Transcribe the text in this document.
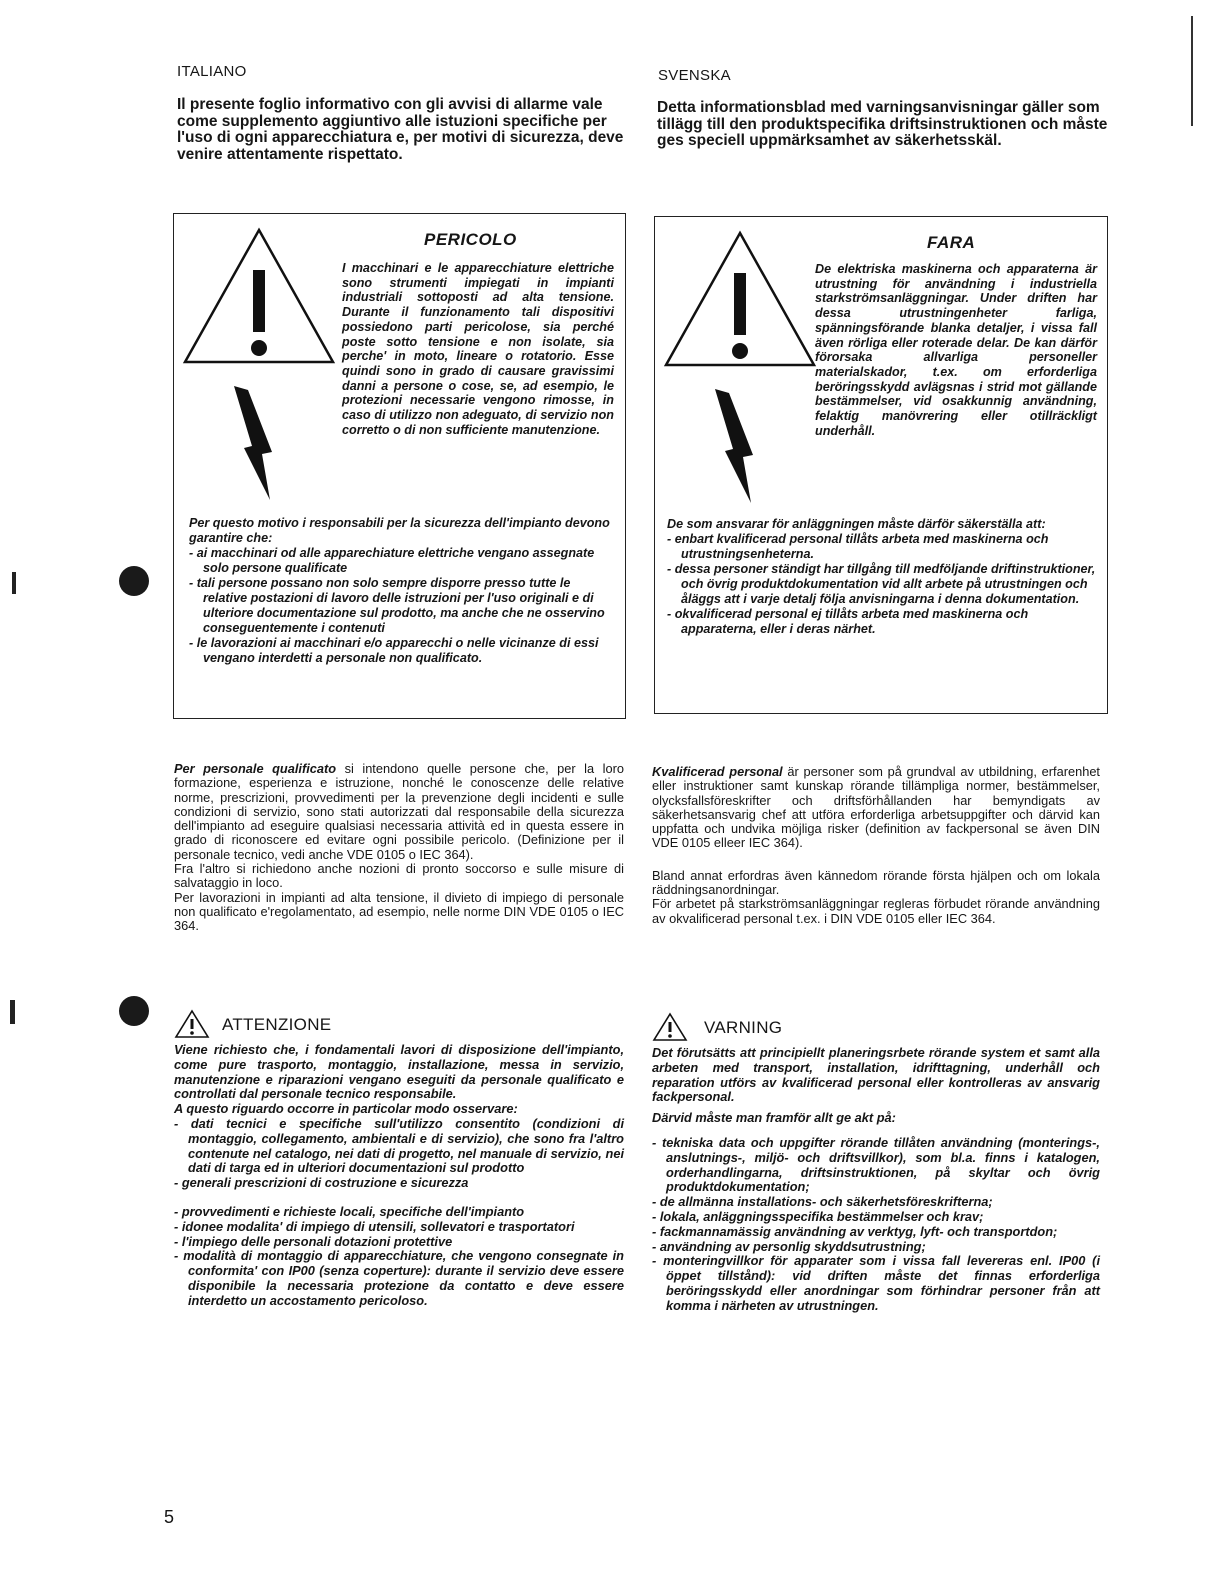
ITALIANO
Il presente foglio informativo con gli avvisi di allarme vale come supplemento aggiuntivo alle istuzioni specifiche per l'uso di ogni apparecchiatura e, per motivi di sicurezza, deve venire attentamente rispettato.
PERICOLO
I macchinari e le apparecchiature elettriche sono strumenti impiegati in impianti industriali sottoposti ad alta tensione. Durante il funzionamento tali dispositivi possiedono parti pericolose, sia perché poste sotto tensione e non isolate, sia perche' in moto, lineare o rotatorio. Esse quindi sono in grado di causare gravissimi danni a persone o cose, se, ad esempio, le protezioni necessarie vengono rimosse, in caso di utilizzo non adeguato, di servizio non corretto o di non sufficiente manutenzione.

Per questo motivo i responsabili per la sicurezza dell'impianto devono garantire che:

- ai macchinari od alle apparechiature elettriche vengano assegnate solo persone qualificate
- tali persone possano non solo sempre disporre presso tutte le relative postazioni di lavoro delle istruzioni per l'uso originali e di ulteriore documentazione sul prodotto, ma anche che ne osservino conseguentemente i contenuti
- le lavorazioni ai macchinari e/o apparecchi o nelle vicinanze di essi vengano interdetti a personale non qualificato.

Per personale qualificato si intendono quelle persone che, per la loro formazione, esperienza e istruzione, nonché le conoscenze delle relative norme, prescrizioni, provvedimenti per la prevenzione degli incidenti e sulle condizioni di servizio, sono stati autorizzati dal responsabile della sicurezza dell'impianto ad eseguire qualsiasi necessaria attività ed in questa essere in grado di riconoscere ed evitare ogni possibile pericolo. (Definizione per il personale tecnico, vedi anche VDE 0105 o IEC 364).

Fra l'altro si richiedono anche nozioni di pronto soccorso e sulle misure di salvataggio in loco.

Per lavorazioni in impianti ad alta tensione, il divieto di impiego di personale non qualificato e'regolamentato, ad esempio, nelle norme DIN VDE 0105 o IEC 364.

ATTENZIONE

Viene richiesto che, i fondamentali lavori di disposizione dell'impianto, come pure trasporto, montaggio, installazione, messa in servizio, manutenzione e riparazioni vengano eseguiti da personale qualificato e controllati dal personale tecnico responsabile.

A questo riguardo occorre in particolar modo osservare:

- dati tecnici e specifiche sull'utilizzo consentito (condizioni di montaggio, collegamento, ambientali e di servizio), che sono fra l'altro contenute nel catalogo, nei dati di progetto, nel manuale di servizio, nei dati di targa ed in ulteriori documentazioni sul prodotto
- generali prescrizioni di costruzione e sicurezza
- provvedimenti e richieste locali, specifiche dell'impianto
- idonee modalita' di impiego di utensili, sollevatori e trasportatori
- l'impiego delle personali dotazioni protettive
- modalità di montaggio di apparecchiature, che vengono consegnate in conformita' con IP00 (senza coperture): durante il servizio deve essere disponibile la necessaria protezione da contatto e deve essere interdetto un accostamento pericoloso.
SVENSKA
Detta informationsblad med varningsanvisningar gäller som tillägg till den produktspecifika driftsinstruktionen och måste ges speciell uppmärksamhet av säkerhetsskäl.
FARA
De elektriska maskinerna och apparaterna är utrustning för användning i industriella starkströmsanläggningar. Under driften har dessa utrustningenheter farliga, spänningsförande blanka detaljer, i vissa fall även rörliga eller roterade delar. De kan därför förorsaka allvarliga personeller materialskador, t.ex. om erforderliga beröringsskydd avlägsnas i strid mot gällande bestämmelser, vid osakkunnig användning, felaktig manövrering eller otillräckligt underhåll.

De som ansvarar för anläggningen måste därför säkerställa att:

- enbart kvalificerad personal tillåts arbeta med maskinerna och utrustningsenheterna.
- dessa personer ständigt har tillgång till medföljande driftinstruktioner, och övrig produktdokumentation vid allt arbete på utrustningen och åläggs att i varje detalj följa anvisningarna i denna dokumentation.
- okvalificerad personal ej tillåts arbeta med maskinerna och apparaterna, eller i deras närhet.

Kvalificerad personal är personer som på grundval av utbildning, erfarenhet eller instruktioner samt kunskap rörande tillämpliga normer, bestämmelser, olycksfallsföreskrifter och driftsförhållanden har bemyndigats av säkerhetsansvarig chef att utföra erforderliga arbetsuppgifter och därvid kan uppfatta och undvika möjliga risker (definition av fackpersonal se även DIN VDE 0105 elleer IEC 364).

Bland annat erfordras även kännedom rörande första hjälpen och om lokala räddningsanordningar.

För arbetet på starkströmsanläggningar regleras förbudet rörande användning av okvalificerad personal t.ex. i DIN VDE 0105 eller IEC 364.

VARNING

Det förutsätts att principiellt planeringsrbete rörande system et samt alla arbeten med transport, installation, idrifttagning, underhåll och reparation utförs av kvalificerad personal eller kontrolleras av ansvarig fackpersonal.

Därvid måste man framför allt ge akt på:

- tekniska data och uppgifter rörande tillåten användning (monterings-, anslutnings-, miljö- och driftsvillkor), som bl.a. finns i katalogen, orderhandlingarna, driftsinstruktionen, på skyltar och övrig produktdokumentation;
- de allmänna installations- och säkerhetsföreskrifterna;
- lokala, anläggningsspecifika bestämmelser och krav;
- fackmannamässig användning av verktyg, lyft- och transportdon;
- användning av personlig skyddsutrustning;
- monteringvillkor för apparater som i vissa fall levereras enl. IP00 (i öppet tillstånd): vid driften måste det finnas erforderliga beröringsskydd eller anordningar som förhindrar personer från att komma i närheten av utrustningen.
5
